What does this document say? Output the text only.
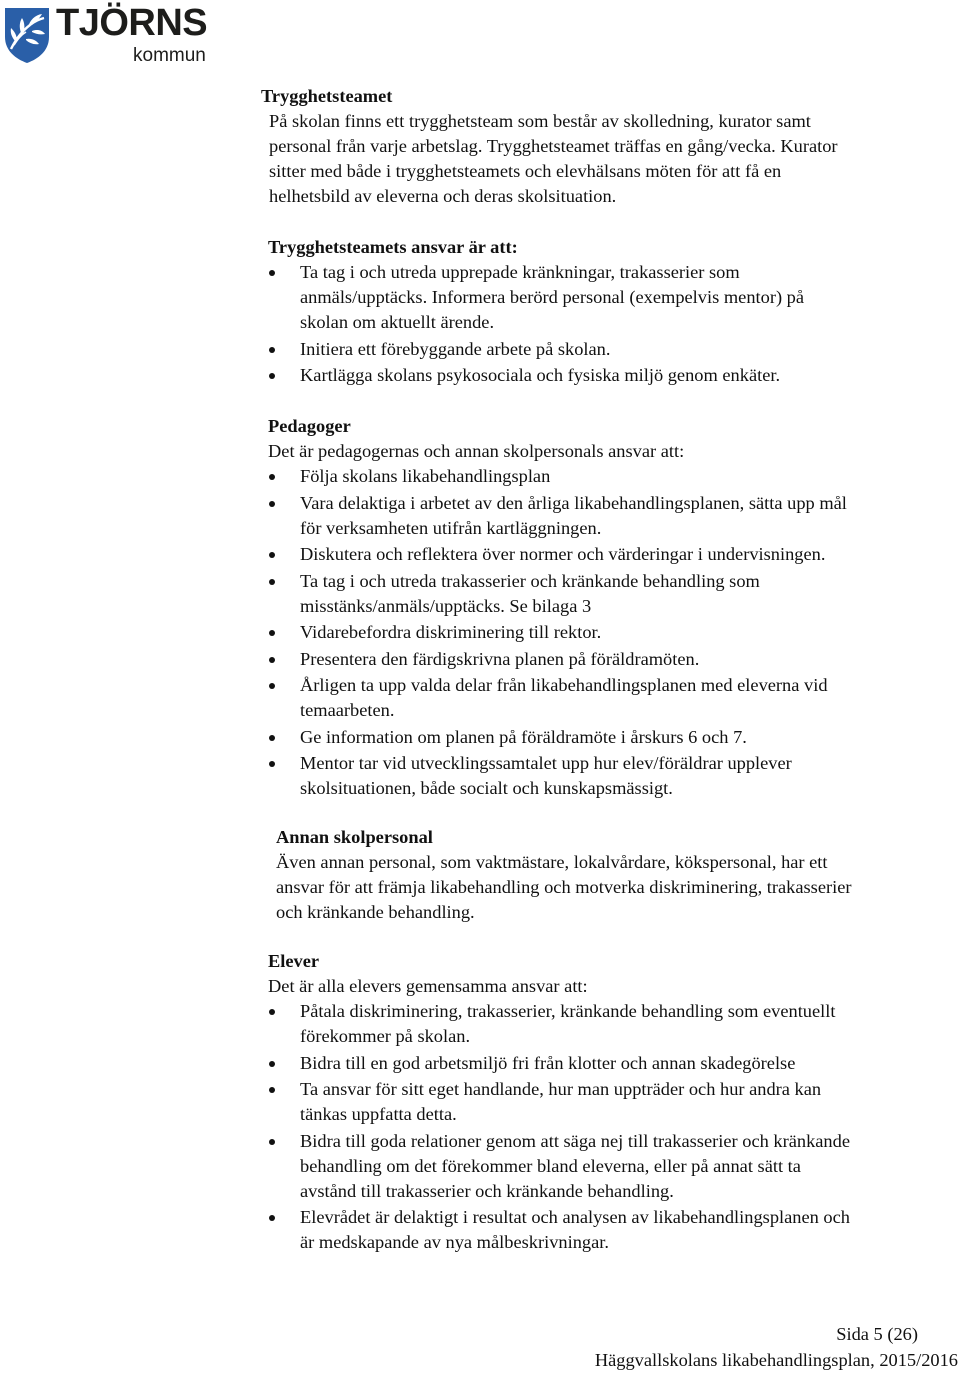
TJÖRNS
kommun

Trygghetsteamet

På skolan finns ett trygghetsteam som består av skolledning, kurator samt

personal från varje arbetslag. Trygghetsteamet träffas en gång/vecka. Kurator

sitter med både i trygghetsteamets och elevhälsans möten för att få en

helhetsbild av eleverna och deras skolsituation.

Trygghetsteamets ansvar är att:

Ta tag i och utreda upprepade kränkningar, trakasserier som
anmäls/upptäcks. Informera berörd personal (exempelvis mentor) på
skolan om aktuellt ärende.
Initiera ett förebyggande arbete på skolan.
Kartlägga skolans psykosociala och fysiska miljö genom enkäter.

Pedagoger

Det är pedagogernas och annan skolpersonals ansvar att:

Följa skolans likabehandlingsplan
Vara delaktiga i arbetet av den årliga likabehandlingsplanen, sätta upp mål
för verksamheten utifrån kartläggningen.
Diskutera och reflektera över normer och värderingar i undervisningen.
Ta tag i och utreda trakasserier och kränkande behandling som
misstänks/anmäls/upptäcks. Se bilaga 3
Vidarebefordra diskriminering till rektor.
Presentera den färdigskrivna planen på föräldramöten.
Årligen ta upp valda delar från likabehandlingsplanen med eleverna vid
temaarbeten.
Ge information om planen på föräldramöte i årskurs 6 och 7.
Mentor tar vid utvecklingssamtalet upp hur elev/föräldrar upplever
skolsituationen, både socialt och kunskapsmässigt.

Annan skolpersonal

Även annan personal, som vaktmästare, lokalvårdare, kökspersonal, har ett

ansvar för att främja likabehandling och motverka diskriminering, trakasserier

och kränkande behandling.

Elever

Det är alla elevers gemensamma ansvar att:

Påtala diskriminering, trakasserier, kränkande behandling som eventuellt
förekommer på skolan.
Bidra till en god arbetsmiljö fri från klotter och annan skadegörelse
Ta ansvar för sitt eget handlande, hur man uppträder och hur andra kan
tänkas uppfatta detta.
Bidra till goda relationer genom att säga nej till trakasserier och kränkande
behandling om det förekommer bland eleverna, eller på annat sätt ta
avstånd till trakasserier och kränkande behandling.
Elevrådet är delaktigt i resultat och analysen av likabehandlingsplanen och
är medskapande av nya målbeskrivningar.
Sida 5 (26)
Häggvallskolans likabehandlingsplan, 2015/2016
